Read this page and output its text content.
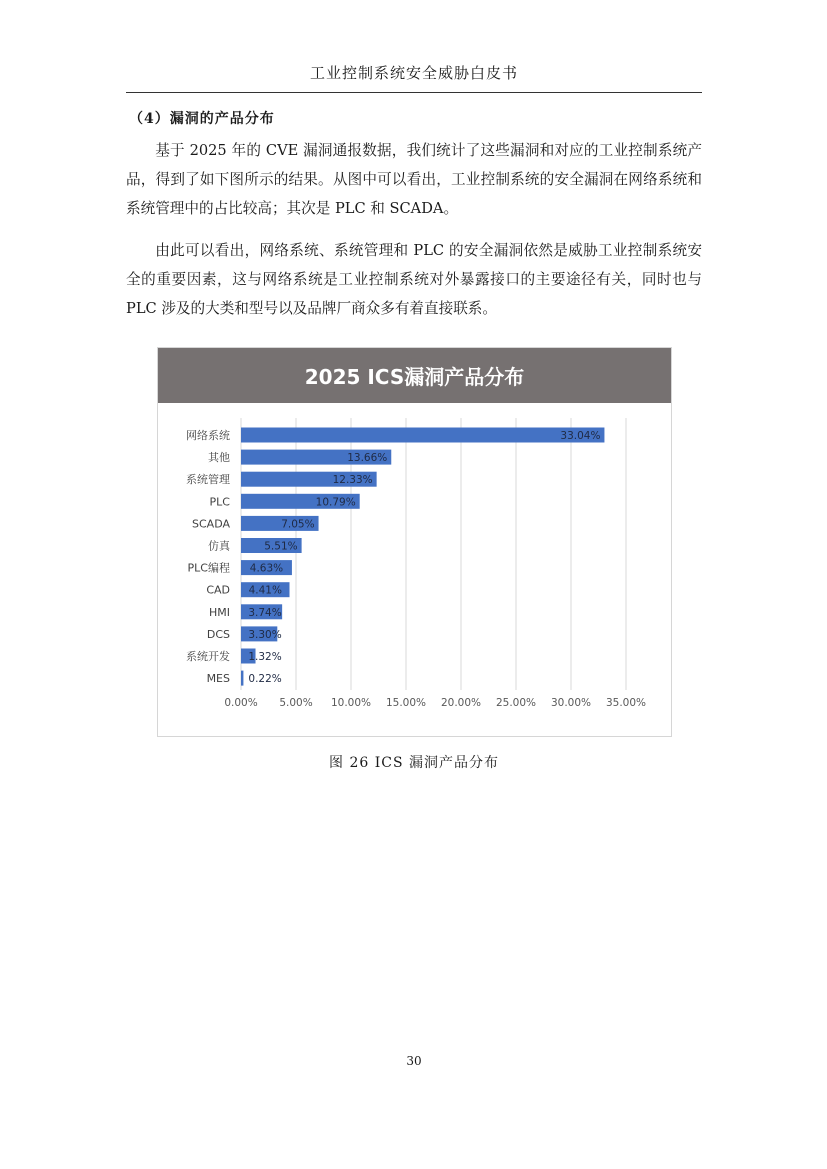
工业控制系统安全威胁白皮书
（4）漏洞的产品分布

基于 2025 年的 CVE 漏洞通报数据，我们统计了这些漏洞和对应的工业控制系统产品，得到了如下图所示的结果。从图中可以看出，工业控制系统的安全漏洞在网络系统和系统管理中的占比较高；其次是 PLC 和 SCADA。

由此可以看出，网络系统、系统管理和 PLC 的安全漏洞依然是威胁工业控制系统安全的重要因素，这与网络系统是工业控制系统对外暴露接口的主要途径有关，同时也与 PLC 涉及的大类和型号以及品牌厂商众多有着直接联系。

2025 ICS漏洞产品分布
0.00% 5.00% 10.00% 15.00% 20.00% 25.00% 30.00% 35.00%
网络系统	33.04%
其他	13.66%
系统管理	12.33%
PLC	10.79%
SCADA	7.05%
仿真	5.51%
PLC编程 4.63%
CAD 4.41%
HMI 3.74%
DCS 3.30%
系统开发 1.32%
MES 0.22%
图 26 ICS 漏洞产品分布
30
